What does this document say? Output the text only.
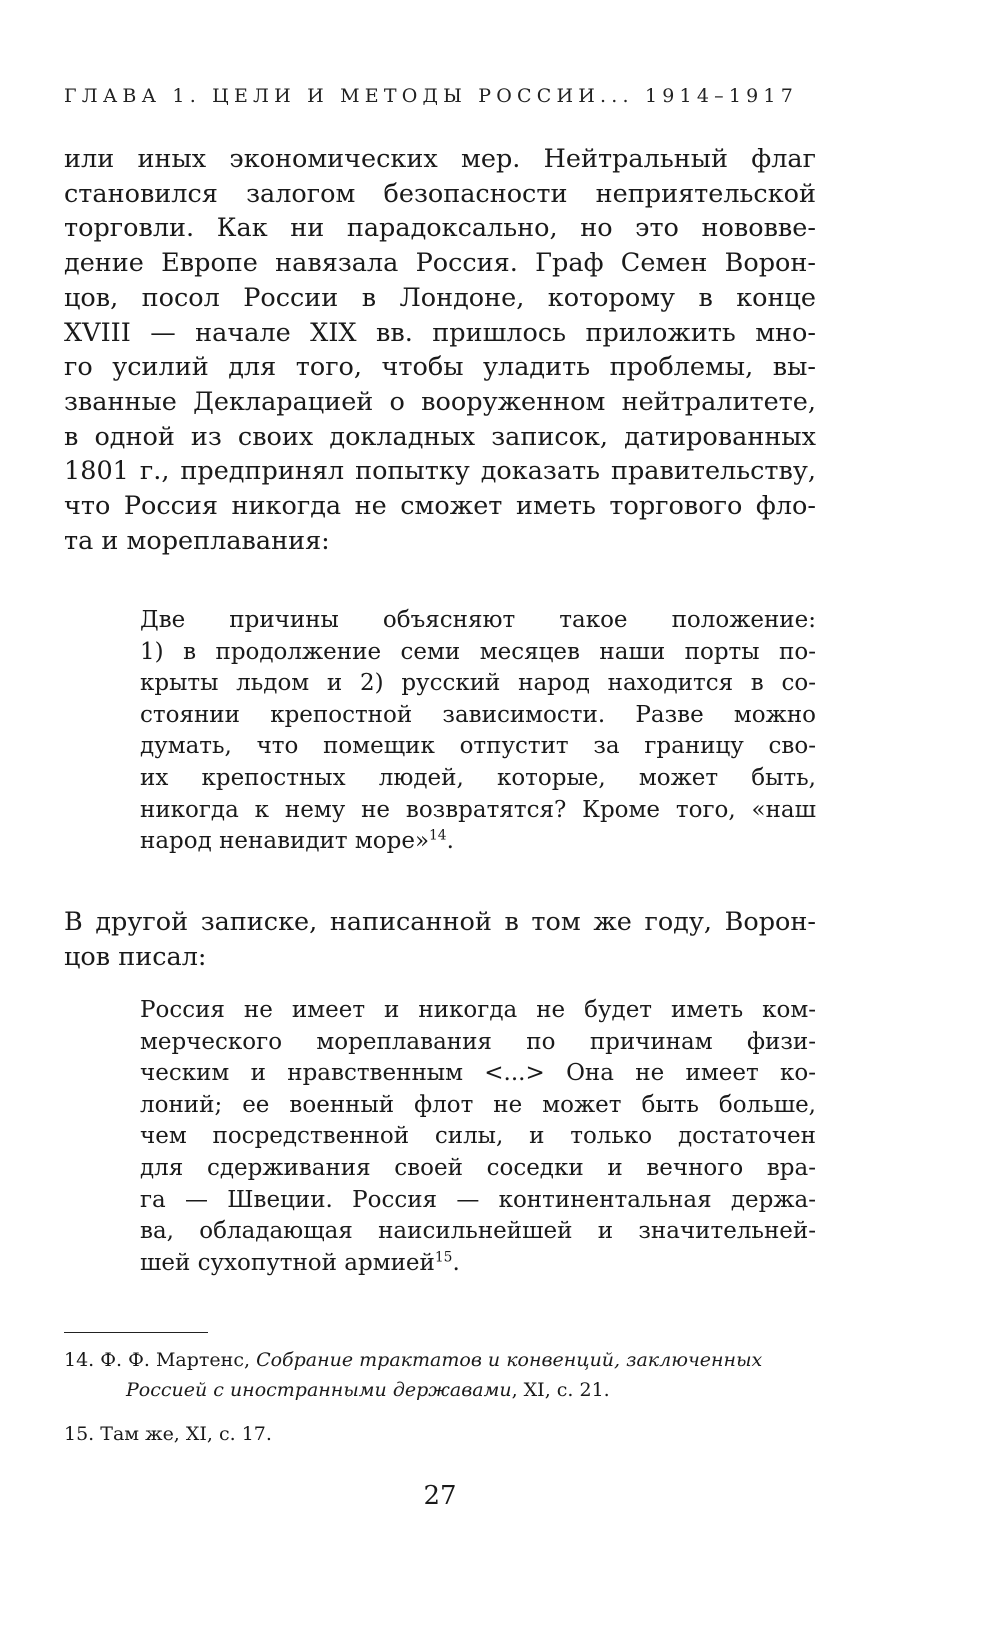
ГЛАВА 1. ЦЕЛИ И МЕТОДЫ РОССИИ... 1914–1917
или иных экономических мер. Нейтральный флаг
становился залогом безопасности неприятельской
торговли. Как ни парадоксально, но это нововве-
дение Европе навязала Россия. Граф Семен Ворон-
цов, посол России в Лондоне, которому в конце
XVIII — начале XIX вв. пришлось приложить мно-
го усилий для того, чтобы уладить проблемы, вы-
званные Декларацией о вооруженном нейтралитете,
в одной из своих докладных записок, датированных
1801 г., предпринял попытку доказать правительству,
что Россия никогда не сможет иметь торгового фло-
та и мореплавания:
Две причины объясняют такое положение:
1) в продолжение семи месяцев наши порты по-
крыты льдом и 2) русский народ находится в со-
стоянии крепостной зависимости. Разве можно
думать, что помещик отпустит за границу сво-
их крепостных людей, которые, может быть,
никогда к нему не возвратятся? Кроме того, «наш
народ ненавидит море»$^{14}$.
В другой записке, написанной в том же году, Ворон-
цов писал:
Россия не имеет и никогда не будет иметь ком-
мерческого мореплавания по причинам физи-
ческим и нравственным <...> Она не имеет ко-
лоний; ее военный флот не может быть больше,
чем посредственной силы, и только достаточен
для сдерживания своей соседки и вечного вра-
га — Швеции. Россия — континентальная держа-
ва, обладающая наисильнейшей и значительней-
шей сухопутной армией$^{15}$.
14. Ф. Ф. Мартенс, Собрание трактатов и конвенций, заключенных
Россией с иностранными державами, XI, с. 21.
15. Там же, XI, с. 17.
27
